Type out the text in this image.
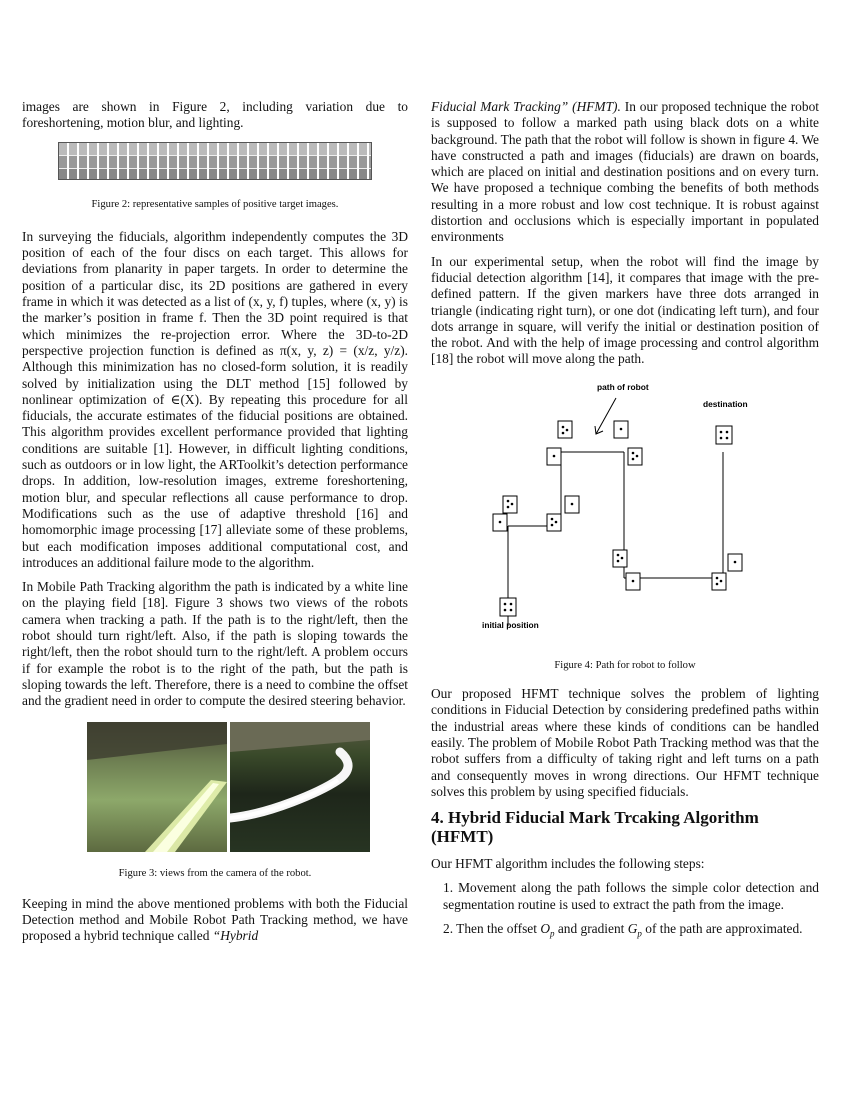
images are shown in Figure 2, including variation due to foreshortening, motion blur, and lighting.

Figure 2: representative samples of positive target images.

In surveying the fiducials, algorithm independently computes the 3D position of each of the four discs on each target. This allows for deviations from planarity in paper targets. In order to determine the position of a particular disc, its 2D positions are gathered in every frame in which it was detected as a list of (x, y, f) tuples, where (x, y) is the marker’s position in frame f. Then the 3D point required is that which minimizes the re-projection error. Where the 3D-to-2D perspective projection function is defined as π(x, y, z) = (x/z, y/z). Although this minimization has no closed-form solution, it is readily solved by initialization using the DLT method [15] followed by nonlinear optimization of ∈(X). By repeating this procedure for all fiducials, the accurate estimates of the fiducial positions are obtained. This algorithm provides excellent performance provided that lighting conditions are suitable [1]. However, in difficult lighting conditions, such as outdoors or in low light, the ARToolkit’s detection performance drops. In addition, low-resolution images, extreme foreshortening, motion blur, and specular reflections all cause performance to drop. Modifications such as the use of adaptive threshold [16] and homomorphic image processing [17] alleviate some of these problems, but each modification imposes additional computational cost, and introduces an additional failure mode to the algorithm.

In Mobile Path Tracking algorithm the path is indicated by a white line on the playing field [18]. Figure 3 shows two views of the robots camera when tracking a path. If the path is to the right/left, then the robot should turn right/left. Also, if the path is sloping towards the right/left, then the robot should turn to the right/left. A problem occurs if for example the robot is to the right of the path, but the path is sloping towards the left. Therefore, there is a need to combine the offset and the gradient need in order to compute the desired steering behavior.

Figure 3: views from the camera of the robot.

Keeping in mind the above mentioned problems with both the Fiducial Detection method and Mobile Robot Path Tracking method, we have proposed a hybrid technique called “Hybrid

Fiducial Mark Tracking” (HFMT). In our proposed technique the robot is supposed to follow a marked path using black dots on a white background. The path that the robot will follow is shown in figure 4. We have constructed a path and images (fiducials) are drawn on boards, which are placed on initial and destination positions and on every turn. We have proposed a technique combing the benefits of both methods resulting in a more robust and low cost technique. It is robust against distortion and occlusions which is especially important in populated environments

In our experimental setup, when the robot will find the image by fiducial detection algorithm [14], it compares that image with the pre-defined pattern. If the given markers have three dots arranged in triangle (indicating right turn), or one dot (indicating left turn), and four dots arrange in square, will verify the initial or destination position of the robot. And with the help of image processing and control algorithm [18] the robot will move along the path.

path of robot
destination
initial position

Figure 4: Path for robot to follow

Our proposed HFMT technique solves the problem of lighting conditions in Fiducial Detection by considering predefined paths within the industrial areas where these kinds of conditions can be handled easily. The problem of Mobile Robot Path Tracking method was that the robot suffers from a difficulty of taking right and left turns on a path and consequently moves in wrong directions. Our HFMT technique solves this problem by using specified fiducials.

4. Hybrid Fiducial Mark Trcaking Algorithm (HFMT)

Our HFMT algorithm includes the following steps:

1. Movement along the path follows the simple color detection and segmentation routine is used to extract the path from the image.

2. Then the offset $O_p$ and gradient $G_p$ of the path are approximated.
